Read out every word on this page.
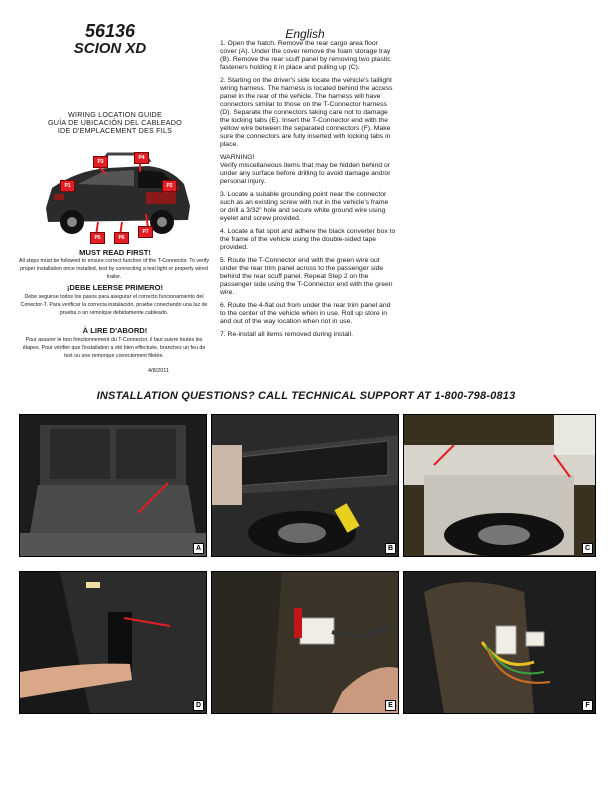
56136
SCION XD
English
WIRING LOCATION GUIDE
GUÍA DE UBICACIÓN DEL CABLEADO
IDE D'EMPLACEMENT DES FILS
P1	P2
P3
P4
P5	P6
P7
MUST READ FIRST!
All steps must be followed to ensure correct function of the T-Connector. To verify proper installation once installed, test by connecting a test light or properly wired trailer.
¡DEBE LEERSE PRIMERO!
Debe seguirse todos los pasos para asegurar el correcto funcionamiento del Conector-T. Para verificar la correcta instalación, pruebe conectando una luz de prueba o un remolque debidamente cableado.
À LIRE D'ABORD!
Pour assurer le bon fonctionnement du T-Connector, il faut suivre toutes les étapes. Pour vérifier que l'installation a été bien effectuée, branchez un feu de test ou une remorque correctement filetée.
4/8/2011

1. Open the hatch. Remove the rear cargo area floor cover (A). Under the cover remove the foam storage tray (B). Remove the rear scuff panel by removing two plastic fasteners holding it in place and pulling up (C).

2. Starting on the driver's side locate the vehicle's taillight wiring harness. The harness is located behind the access panel in the rear of the vehicle. The harness will have connectors similar to those on the T-Connector harness (D). Separate the connectors taking care not to damage the locking tabs (E). Insert the T-Connector end with the yellow wire between the separated connectors (F). Make sure the connectors are fully inserted with locking tabs in place.

WARNING!
Verify miscellaneous items that may be hidden behind or under any surface before drilling to avoid damage and/or personal injury.

3. Locate a suitable grounding point near the connector such as an existing screw with nut in the vehicle's frame or drill a 3/32" hole and secure white ground wire using eyelet and screw provided.

4. Locate a flat spot and adhere the black converter box to the frame of the vehicle using the double-sided tape provided.

5. Route the T-Connector end with the green wire out under the rear trim panel across to the passenger side behind the rear scuff panel. Repeat Step 2 on the passenger side using the T-Connector end with the green wire.

6. Route the 4-flat out from under the rear trim panel and to the center of the vehicle when in use. Roll up store in and out of the way location when not in use.

7. Re-install all items removed during install.

INSTALLATION QUESTIONS? CALL TECHNICAL SUPPORT AT 1-800-798-0813
A	B	C
D	E	F
